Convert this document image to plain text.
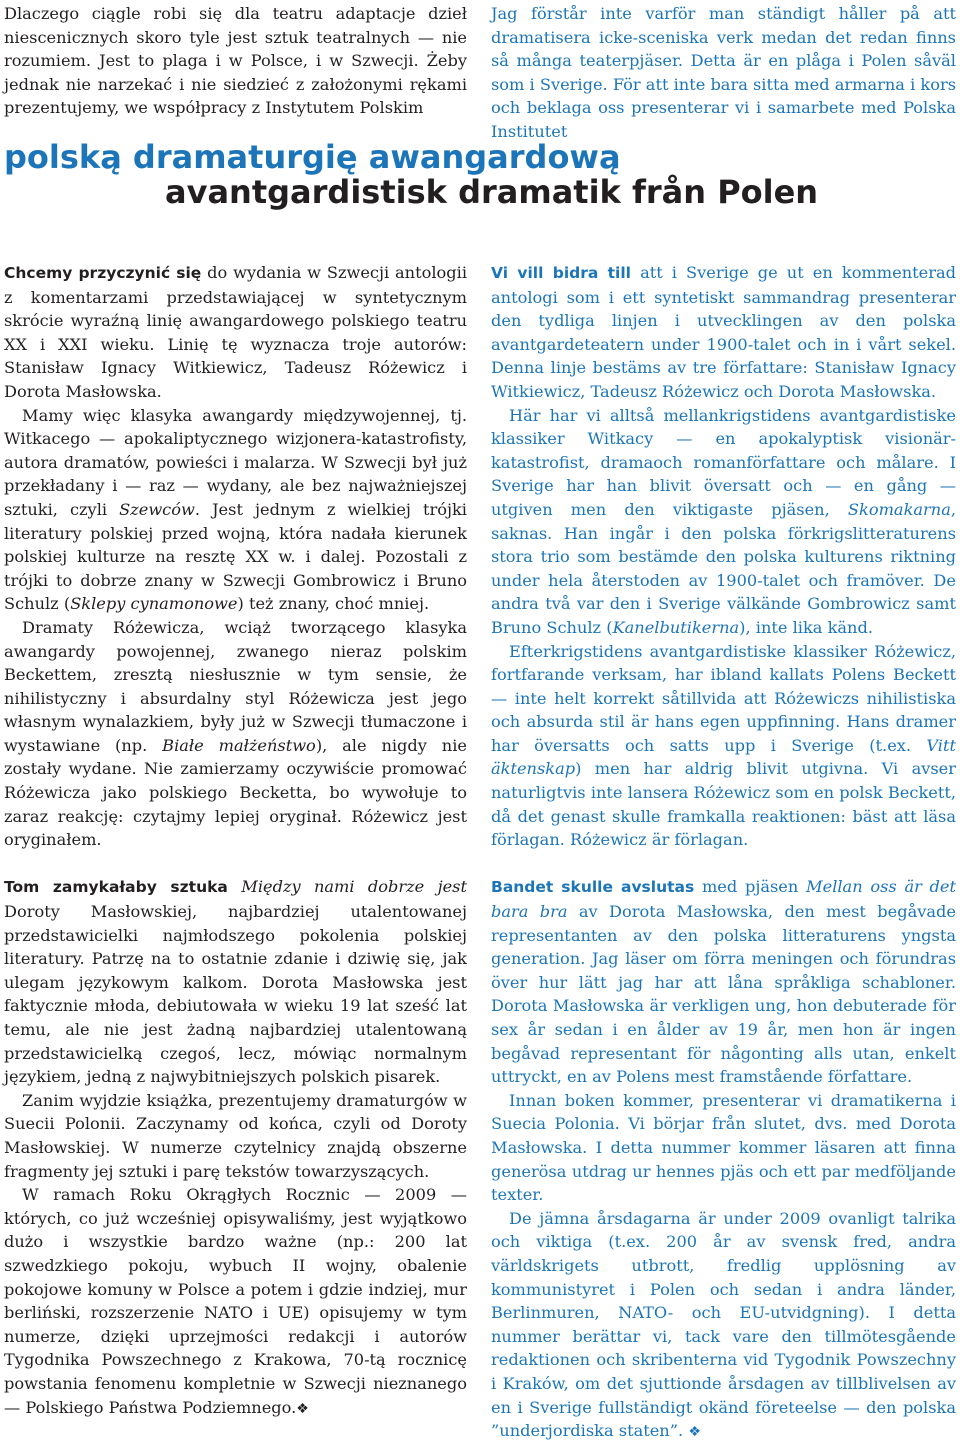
Dlaczego ciągle robi się dla teatru adaptacje dzieł niescenicznych skoro tyle jest sztuk teatralnych — nie rozumiem. Jest to plaga i w Polsce, i w Szwecji. Żeby jednak nie narzekać i nie siedzieć z założonymi rękami prezentujemy, we współpracy z Instytutem Polskim

Jag förstår inte varför man ständigt håller på att dramatisera icke-sceniska verk medan det redan finns så många teaterpjäser. Detta är en plåga i Polen såväl som i Sverige. För att inte bara sitta med armarna i kors och beklaga oss presenterar vi i samarbete med Polska Institutet

polską dramaturgię awangardową
avantgardistisk dramatik från Polen

Chcemy przyczynić się do wydania w Szwecji antologii z komentarzami przedstawiającej w syntetycznym skrócie wyraźną linię awangardowego polskiego teatru XX i XXI wieku. Linię tę wyznacza troje autorów: Stanisław Ignacy Witkiewicz, Tadeusz Różewicz i Dorota Masłowska.

Mamy więc klasyka awangardy międzywojennej, tj. Witkacego — apokaliptycznego wizjonera-katastrofisty, autora dramatów, powieści i malarza. W Szwecji był już przekładany i — raz — wydany, ale bez najważniejszej sztuki, czyli Szewców. Jest jednym z wielkiej trójki literatury polskiej przed wojną, która nadała kierunek polskiej kulturze na resztę XX w. i dalej. Pozostali z trójki to dobrze znany w Szwecji Gombrowicz i Bruno Schulz (Sklepy cynamonowe) też znany, choć mniej.

Dramaty Różewicza, wciąż tworzącego klasyka awangardy powojennej, zwanego nieraz polskim Beckettem, zresztą niesłusznie w tym sensie, że nihilistyczny i absurdalny styl Różewicza jest jego własnym wynalazkiem, były już w Szwecji tłumaczone i wystawiane (np. Białe małżeństwo), ale nigdy nie zostały wydane. Nie zamierzamy oczywiście promować Różewicza jako polskiego Becketta, bo wywołuje to zaraz reakcję: czytajmy lepiej oryginał. Różewicz jest oryginałem.

Tom zamykałaby sztuka Między nami dobrze jest Doroty Masłowskiej, najbardziej utalentowanej przedstawicielki najmłodszego pokolenia polskiej literatury. Patrzę na to ostatnie zdanie i dziwię się, jak ulegam językowym kalkom. Dorota Masłowska jest faktycznie młoda, debiutowała w wieku 19 lat sześć lat temu, ale nie jest żadną najbardziej utalentowaną przedstawicielką czegoś, lecz, mówiąc normalnym językiem, jedną z najwybitniejszych polskich pisarek.

Zanim wyjdzie książka, prezentujemy dramaturgów w Suecii Polonii. Zaczynamy od końca, czyli od Doroty Masłowskiej. W numerze czytelnicy znajdą obszerne fragmenty jej sztuki i parę tekstów towarzyszących.

W ramach Roku Okrągłych Rocznic — 2009 — których, co już wcześniej opisywaliśmy, jest wyjątkowo dużo i wszystkie bardzo ważne (np.: 200 lat szwedzkiego pokoju, wybuch II wojny, obalenie pokojowe komuny w Polsce a potem i gdzie indziej, mur berliński, rozszerzenie NATO i UE) opisujemy w tym numerze, dzięki uprzejmości redakcji i autorów Tygodnika Powszechnego z Krakowa, 70-tą rocznicę powstania fenomenu kompletnie w Szwecji nieznanego — Polskiego Państwa Podziemnego.❖

Vi vill bidra till att i Sverige ge ut en kommenterad antologi som i ett syntetiskt sammandrag presenterar den tydliga linjen i utvecklingen av den polska avantgardeteatern under 1900-talet och in i vårt sekel. Denna linje bestäms av tre författare: Stanisław Ignacy Witkiewicz, Tadeusz Różewicz och Dorota Masłowska.

Här har vi alltså mellankrigstidens avantgardistiske klassiker Witkacy — en apokalyptisk visionär-katastrofist, dramaoch romanförfattare och målare. I Sverige har han blivit översatt och — en gång — utgiven men den viktigaste pjäsen, Skomakarna, saknas. Han ingår i den polska förkrigslitteraturens stora trio som bestämde den polska kulturens riktning under hela återstoden av 1900-talet och framöver. De andra två var den i Sverige välkände Gombrowicz samt Bruno Schulz (Kanelbutikerna), inte lika känd.

Efterkrigstidens avantgardistiske klassiker Różewicz, fortfarande verksam, har ibland kallats Polens Beckett — inte helt korrekt såtillvida att Różewiczs nihilistiska och absurda stil är hans egen uppfinning. Hans dramer har översatts och satts upp i Sverige (t.ex. Vitt äktenskap) men har aldrig blivit utgivna. Vi avser naturligtvis inte lansera Różewicz som en polsk Beckett, då det genast skulle framkalla reaktionen: bäst att läsa förlagan. Różewicz är förlagan.

Bandet skulle avslutas med pjäsen Mellan oss är det bara bra av Dorota Masłowska, den mest begåvade representanten av den polska litteraturens yngsta generation. Jag läser om förra meningen och förundras över hur lätt jag har att låna språkliga schabloner. Dorota Masłowska är verkligen ung, hon debuterade för sex år sedan i en ålder av 19 år, men hon är ingen begåvad representant för någonting alls utan, enkelt uttryckt, en av Polens mest framstående författare.

Innan boken kommer, presenterar vi dramatikerna i Suecia Polonia. Vi börjar från slutet, dvs. med Dorota Masłowska. I detta nummer kommer läsaren att finna generösa utdrag ur hennes pjäs och ett par medföljande texter.

De jämna årsdagarna är under 2009 ovanligt talrika och viktiga (t.ex. 200 år av svensk fred, andra världskrigets utbrott, fredlig upplösning av kommunistyret i Polen och sedan i andra länder, Berlinmuren, NATO- och EU-utvidgning). I detta nummer berättar vi, tack vare den tillmötesgående redaktionen och skribenterna vid Tygodnik Powszechny i Kraków, om det sjuttionde årsdagen av tillblivelsen av en i Sverige fullständigt okänd företeelse — den polska ”underjordiska staten”. ❖
